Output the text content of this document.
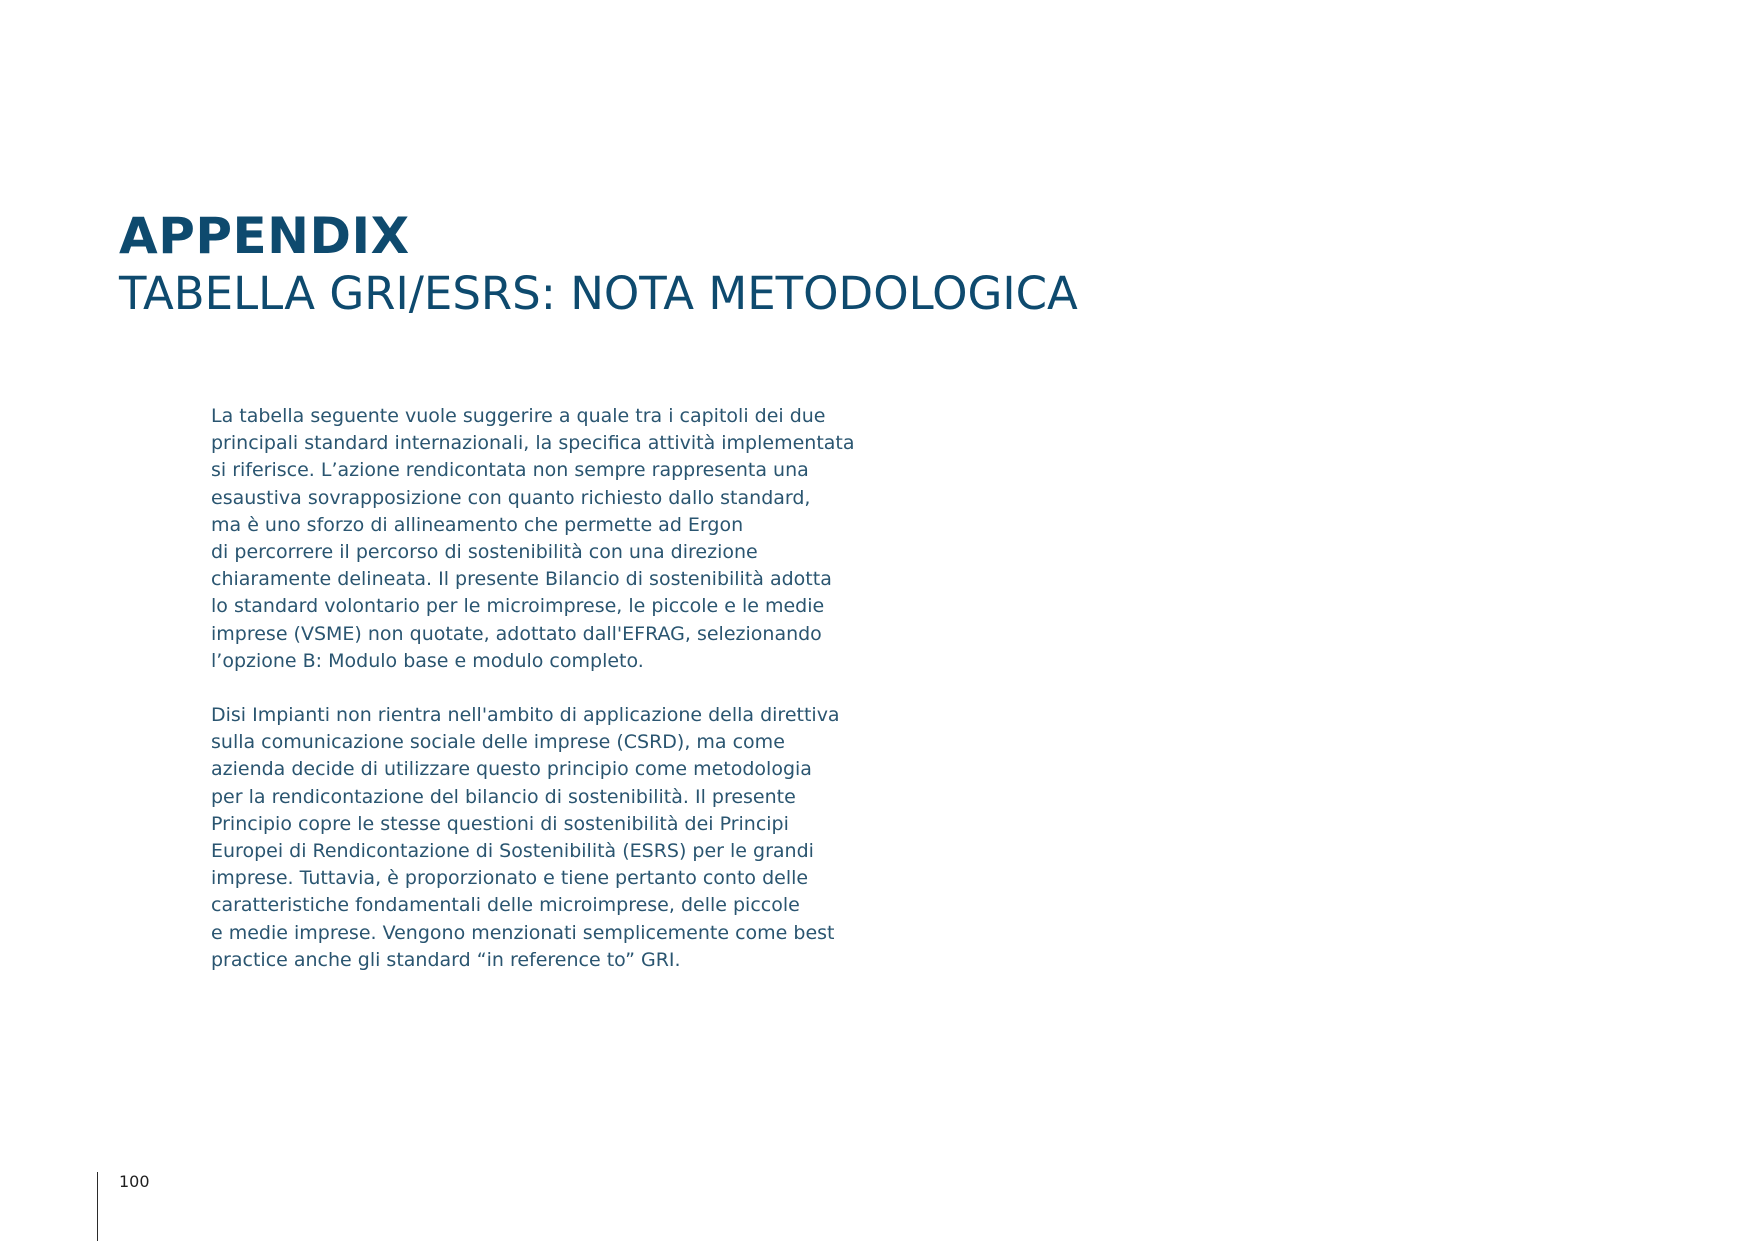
APPENDIX
TABELLA GRI/ESRS: NOTA METODOLOGICA

La tabella seguente vuole suggerire a quale tra i capitoli dei due
principali standard internazionali, la specifica attività implementata
si riferisce. L’azione rendicontata non sempre rappresenta una
esaustiva sovrapposizione con quanto richiesto dallo standard,
ma è uno sforzo di allineamento che permette ad Ergon
di percorrere il percorso di sostenibilità con una direzione
chiaramente delineata. Il presente Bilancio di sostenibilità adotta
lo standard volontario per le microimprese, le piccole e le medie
imprese (VSME) non quotate, adottato dall'EFRAG, selezionando
l’opzione B: Modulo base e modulo completo.

Disi Impianti non rientra nell'ambito di applicazione della direttiva
sulla comunicazione sociale delle imprese (CSRD), ma come
azienda decide di utilizzare questo principio come metodologia
per la rendicontazione del bilancio di sostenibilità. Il presente
Principio copre le stesse questioni di sostenibilità dei Principi
Europei di Rendicontazione di Sostenibilità (ESRS) per le grandi
imprese. Tuttavia, è proporzionato e tiene pertanto conto delle
caratteristiche fondamentali delle microimprese, delle piccole
e medie imprese. Vengono menzionati semplicemente come best
practice anche gli standard “in reference to” GRI.

100
